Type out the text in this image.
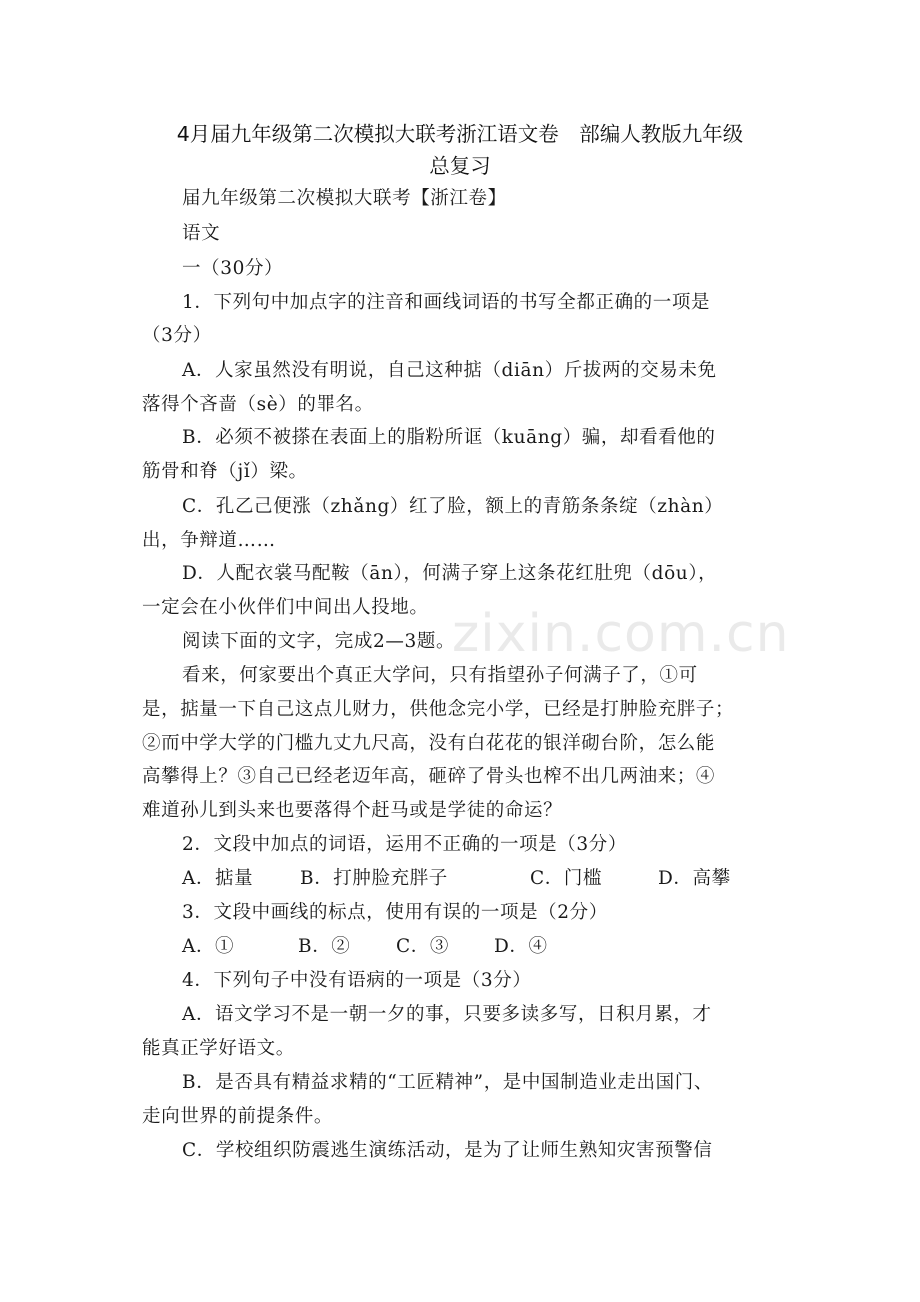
4月届九年级第二次模拟大联考浙江语文卷　部编人教版九年级
总复习
zixin.com.cn
届九年级第二次模拟大联考【浙江卷】
语文
一（30分）
1．下列句中加点字的注音和画线词语的书写全都正确的一项是
（3分）
A．人家虽然没有明说，自己这种掂（diān）斤拔两的交易未免
落得个吝啬（sè）的罪名。
B．必须不被搽在表面上的脂粉所诓（kuāng）骗，却看看他的
筋骨和脊（jǐ）梁。
C．孔乙己便涨（zhǎng）红了脸，额上的青筋条条绽（zhàn）
出，争辩道……
D．人配衣裳马配鞍（ān），何满子穿上这条花红肚兜（dōu），
一定会在小伙伴们中间出人投地。
阅读下面的文字，完成2—3题。
看来，何家要出个真正大学问，只有指望孙子何满子了，①可
是，掂量一下自己这点儿财力，供他念完小学，已经是打肿脸充胖子；
②而中学大学的门槛九丈九尺高，没有白花花的银洋砌台阶，怎么能
高攀得上？③自己已经老迈年高，砸碎了骨头也榨不出几两油来；④
难道孙儿到头来也要落得个赶马或是学徒的命运？
2．文段中加点的词语，运用不正确的一项是（3分）
A．掂量	B．打肿脸充胖子	C．门槛	D．高攀
3．文段中画线的标点，使用有误的一项是（2分）
A．①	B．② C．③ D．④
4．下列句子中没有语病的一项是（3分）
A．语文学习不是一朝一夕的事，只要多读多写，日积月累，才
能真正学好语文。
B．是否具有精益求精的“工匠精神”，是中国制造业走出国门、
走向世界的前提条件。
C．学校组织防震逃生演练活动，是为了让师生熟知灾害预警信
